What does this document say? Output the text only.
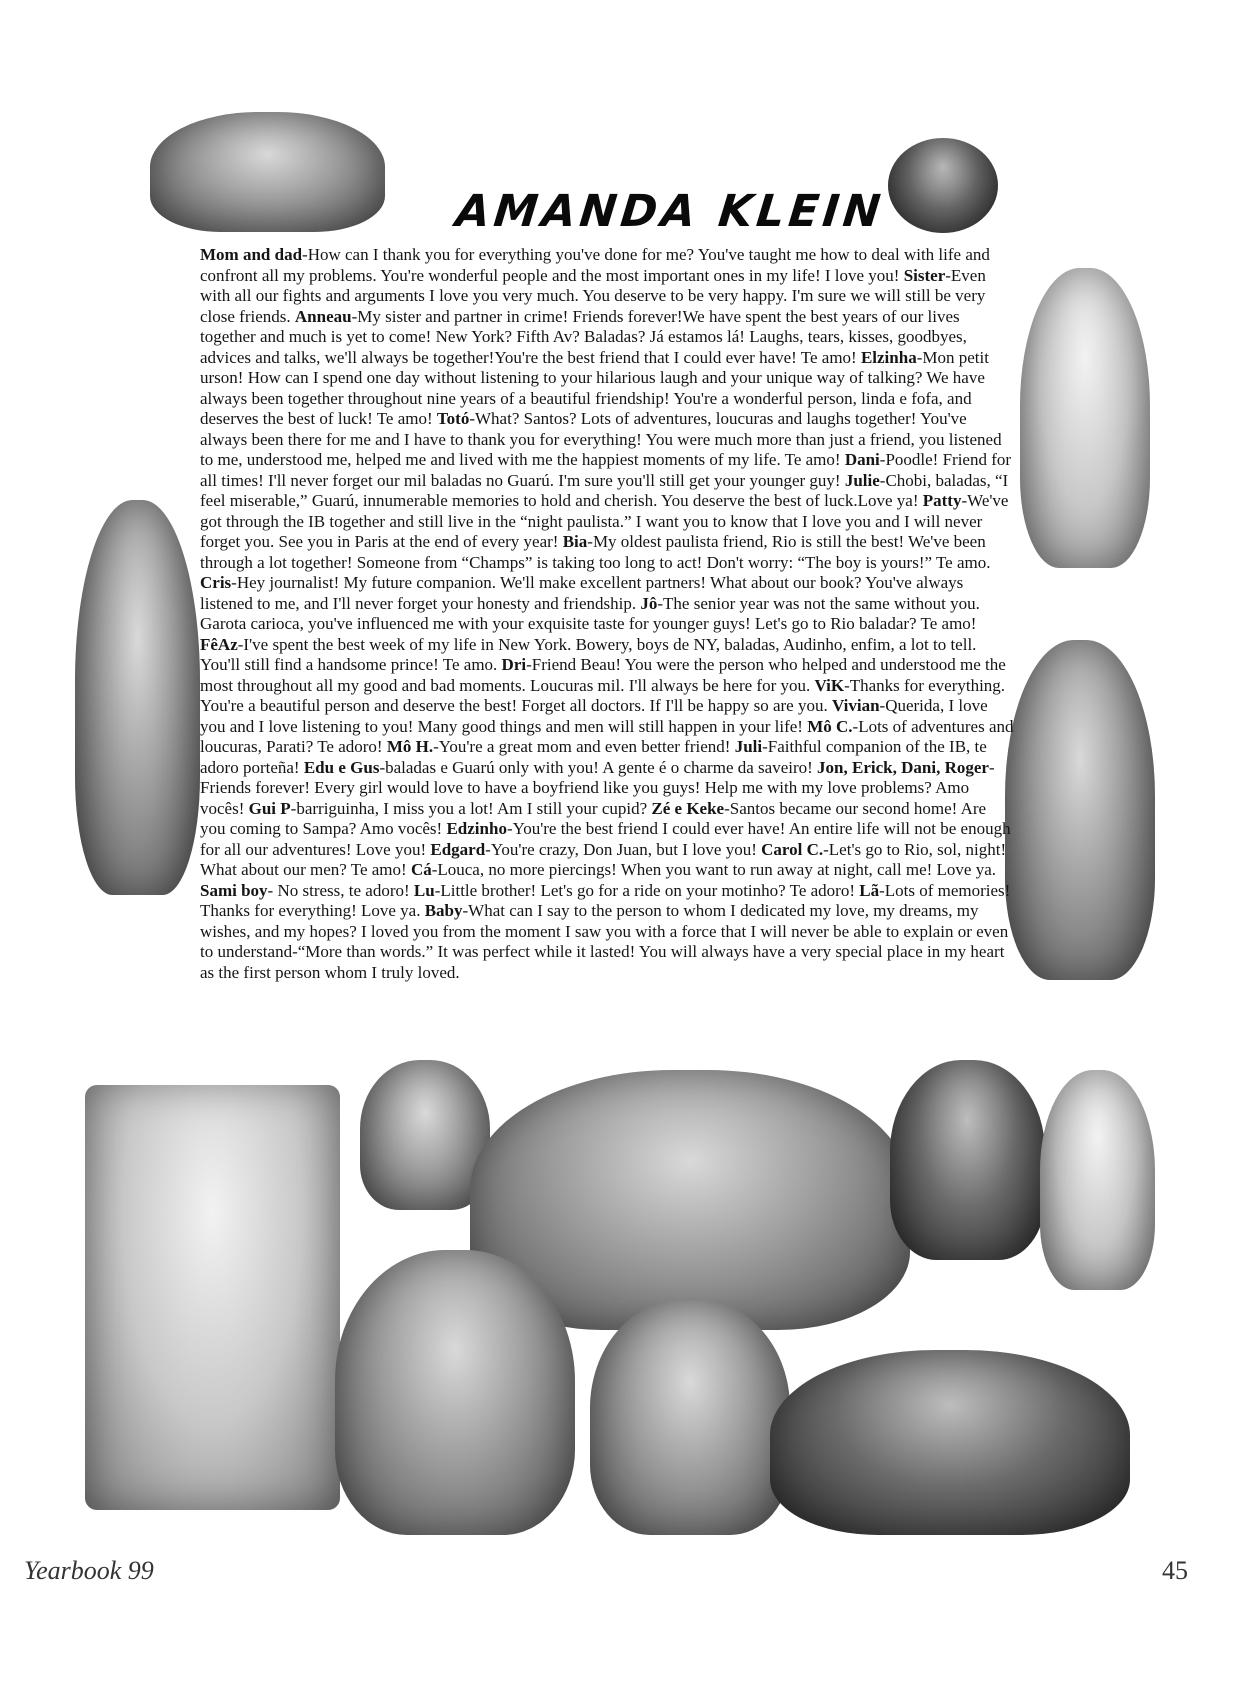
AMANDA KLEIN

Mom and dad-How can I thank you for everything you've done for me? You've taught me how to deal with life and confront all my problems. You're wonderful people and the most important ones in my life! I love you! Sister-Even with all our fights and arguments I love you very much. You deserve to be very happy. I'm sure we will still be very close friends. Anneau-My sister and partner in crime! Friends forever!We have spent the best years of our lives together and much is yet to come! New York? Fifth Av? Baladas? Já estamos lá! Laughs, tears, kisses, goodbyes, advices and talks, we'll always be together!You're the best friend that I could ever have! Te amo! Elzinha-Mon petit urson! How can I spend one day without listening to your hilarious laugh and your unique way of talking? We have always been together throughout nine years of a beautiful friendship! You're a wonderful person, linda e fofa, and deserves the best of luck! Te amo! Totó-What? Santos? Lots of adventures, loucuras and laughs together! You've always been there for me and I have to thank you for everything! You were much more than just a friend, you listened to me, understood me, helped me and lived with me the happiest moments of my life. Te amo! Dani-Poodle! Friend for all times! I'll never forget our mil baladas no Guarú. I'm sure you'll still get your younger guy! Julie-Chobi, baladas, “I feel miserable,” Guarú, innumerable memories to hold and cherish. You deserve the best of luck.Love ya! Patty-We've got through the IB together and still live in the “night paulista.” I want you to know that I love you and I will never forget you. See you in Paris at the end of every year! Bia-My oldest paulista friend, Rio is still the best! We've been through a lot together! Someone from “Champs” is taking too long to act! Don't worry: “The boy is yours!” Te amo. Cris-Hey journalist! My future companion. We'll make excellent partners! What about our book? You've always listened to me, and I'll never forget your honesty and friendship. Jô-The senior year was not the same without you. Garota carioca, you've influenced me with your exquisite taste for younger guys! Let's go to Rio baladar? Te amo! FêAz-I've spent the best week of my life in New York. Bowery, boys de NY, baladas, Audinho, enfim, a lot to tell. You'll still find a handsome prince! Te amo. Dri-Friend Beau! You were the person who helped and understood me the most throughout all my good and bad moments. Loucuras mil. I'll always be here for you. ViK-Thanks for everything. You're a beautiful person and deserve the best! Forget all doctors. If I'll be happy so are you. Vivian-Querida, I love you and I love listening to you! Many good things and men will still happen in your life! Mô C.-Lots of adventures and loucuras, Parati? Te adoro! Mô H.-You're a great mom and even better friend! Juli-Faithful companion of the IB, te adoro porteña! Edu e Gus-baladas e Guarú only with you! A gente é o charme da saveiro! Jon, Erick, Dani, Roger-Friends forever! Every girl would love to have a boyfriend like you guys! Help me with my love problems? Amo vocês! Gui P-barriguinha, I miss you a lot! Am I still your cupid? Zé e Keke-Santos became our second home! Are you coming to Sampa? Amo vocês! Edzinho-You're the best friend I could ever have! An entire life will not be enough for all our adventures! Love you! Edgard-You're crazy, Don Juan, but I love you! Carol C.-Let's go to Rio, sol, night! What about our men? Te amo! Cá-Louca, no more piercings! When you want to run away at night, call me! Love ya. Sami boy- No stress, te adoro! Lu-Little brother! Let's go for a ride on your motinho? Te adoro! Lã-Lots of memories! Thanks for everything! Love ya. Baby-What can I say to the person to whom I dedicated my love, my dreams, my wishes, and my hopes? I loved you from the moment I saw you with a force that I will never be able to explain or even to understand-“More than words.” It was perfect while it lasted! You will always have a very special place in my heart as the first person whom I truly loved.

Yearbook 99	45
